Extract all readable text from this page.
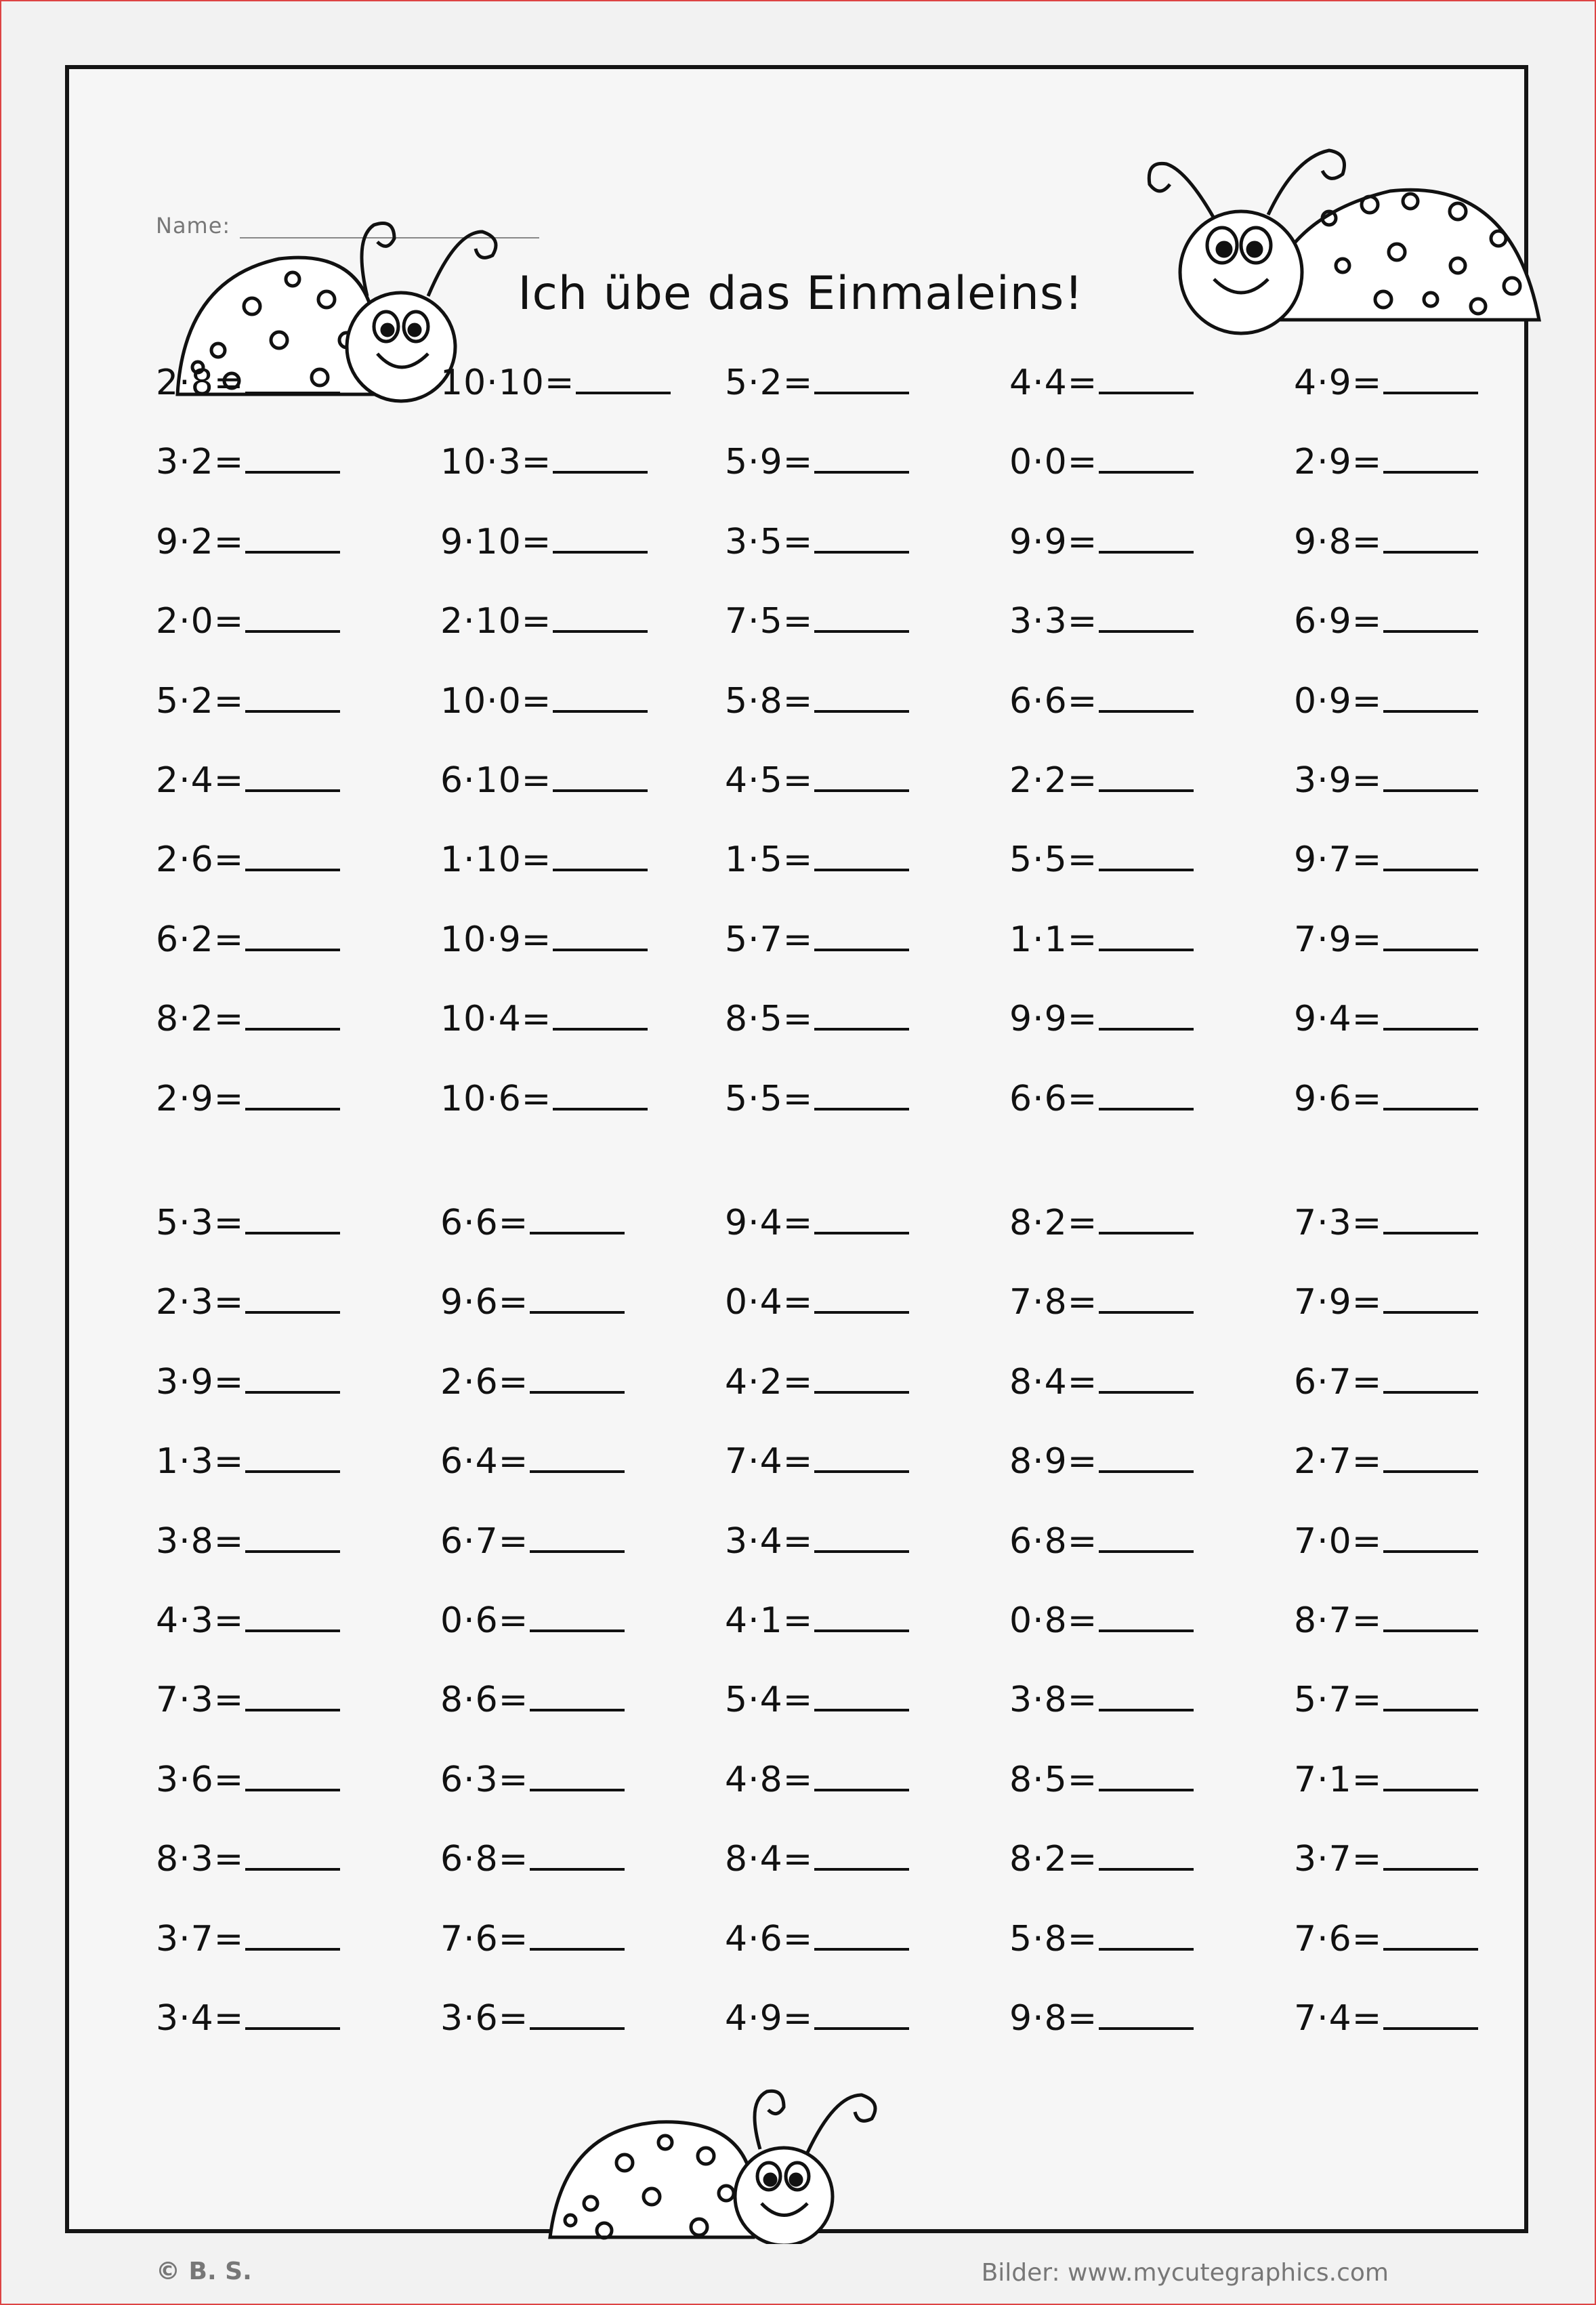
Name:
Ich übe das Einmaleins!
2·8=
3·2=
9·2=
2·0=
5·2=
2·4=
2·6=
6·2=
8·2=
2·9=
10·10=
10·3=
9·10=
2·10=
10·0=
6·10=
1·10=
10·9=
10·4=
10·6=
5·2=
5·9=
3·5=
7·5=
5·8=
4·5=
1·5=
5·7=
8·5=
5·5=
4·4=
0·0=
9·9=
3·3=
6·6=
2·2=
5·5=
1·1=
9·9=
6·6=
4·9=
2·9=
9·8=
6·9=
0·9=
3·9=
9·7=
7·9=
9·4=
9·6=
5·3=
2·3=
3·9=
1·3=
3·8=
4·3=
7·3=
3·6=
8·3=
3·7=
3·4=
6·6=
9·6=
2·6=
6·4=
6·7=
0·6=
8·6=
6·3=
6·8=
7·6=
3·6=
9·4=
0·4=
4·2=
7·4=
3·4=
4·1=
5·4=
4·8=
8·4=
4·6=
4·9=
8·2=
7·8=
8·4=
8·9=
6·8=
0·8=
3·8=
8·5=
8·2=
5·8=
9·8=
7·3=
7·9=
6·7=
2·7=
7·0=
8·7=
5·7=
7·1=
3·7=
7·6=
7·4=
© B. S.	Bilder: www.mycutegraphics.com
